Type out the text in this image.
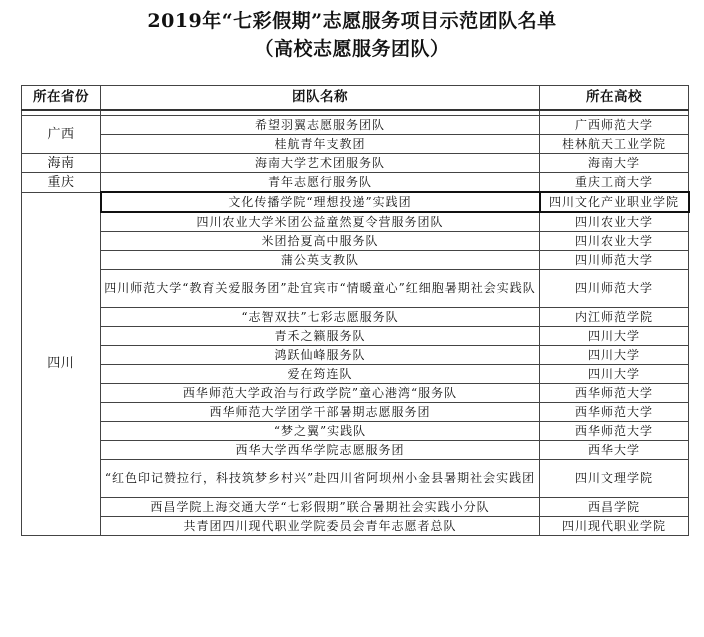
2019年“七彩假期”志愿服务项目示范团队名单
（高校志愿服务团队）
所在省份	团队名称	所在高校

广西	希望羽翼志愿服务团队	广西师范大学
	桂航青年支教团	桂林航天工业学院
海南	海南大学艺术团服务队	海南大学
重庆	青年志愿行服务队	重庆工商大学
四川	文化传播学院“理想投递”实践团	四川文化产业职业学院
	四川农业大学米团公益童然夏令营服务团队	四川农业大学
	米团拾夏高中服务队	四川农业大学
	蒲公英支教队	四川师范大学
	四川师范大学“教育关爱服务团”赴宜宾市“情暖童心”红细胞暑期社会实践队	四川师范大学
	“志智双扶”七彩志愿服务队	内江师范学院
	青禾之籁服务队	四川大学
	鸿跃仙峰服务队	四川大学
	爱在筠连队	四川大学
	西华师范大学政治与行政学院”童心港湾“服务队	西华师范大学
	西华师范大学团学干部暑期志愿服务团	西华师范大学
	“梦之翼”实践队	西华师范大学
	西华大学西华学院志愿服务团	西华大学
	“红色印记赞拉行，科技筑梦乡村兴”赴四川省阿坝州小金县暑期社会实践团	四川文理学院
	西昌学院上海交通大学“七彩假期”联合暑期社会实践小分队	西昌学院
	共青团四川现代职业学院委员会青年志愿者总队	四川现代职业学院
